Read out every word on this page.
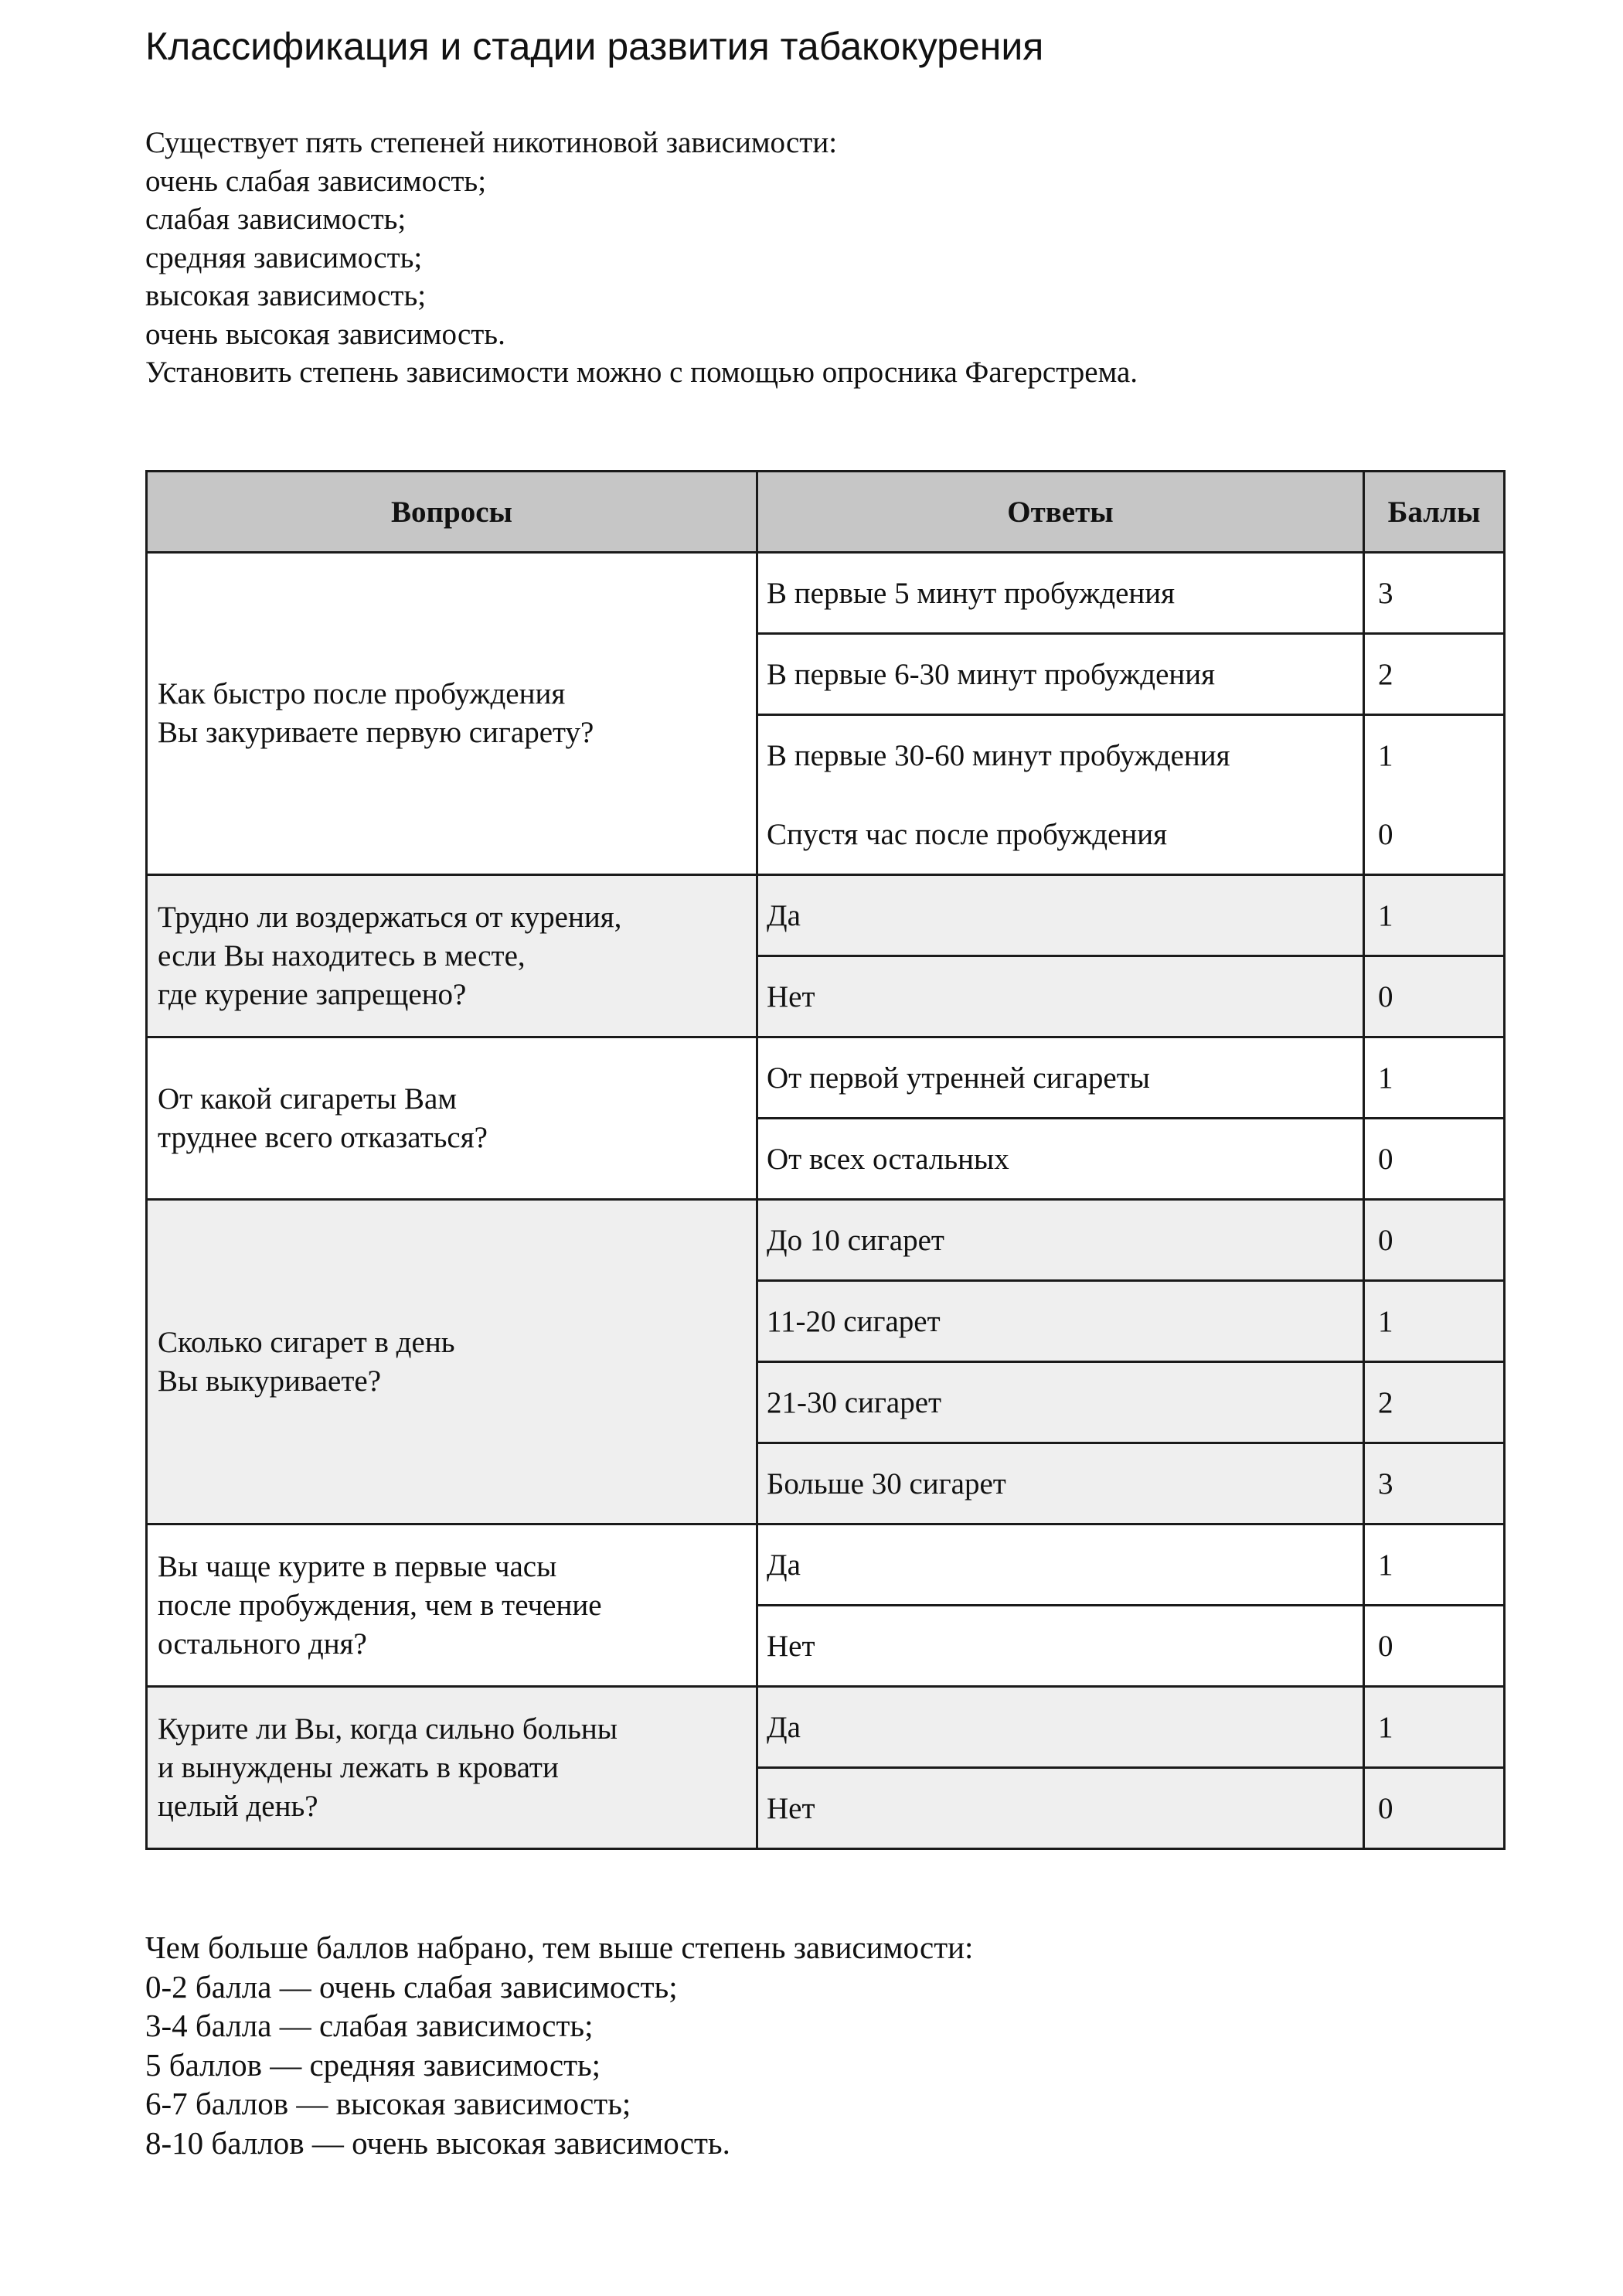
Классификация и стадии развития табакокурения
Существует пять степеней никотиновой зависимости:
очень слабая зависимость;
слабая зависимость;
средняя зависимость;
высокая зависимость;
очень высокая зависимость.
Установить степень зависимости можно с помощью опросника Фагерстрема.
Вопросы	Ответы	Баллы

Как быстро после пробуждения
Вы закуриваете первую сигарету?	В первые 5 минут пробуждения	3
	В первые 6-30 минут пробуждения	2
	В первые 30-60 минут пробуждения	1
	Спустя час после пробуждения	0

Трудно ли воздержаться от курения,
если Вы находитесь в месте,
где курение запрещено?	Да	1
	Нет	0

От какой сигареты Вам
труднее всего отказаться?	От первой утренней сигареты	1
	От всех остальных	0

Сколько сигарет в день
Вы выкуриваете?	До 10 сигарет	0
	11-20 сигарет	1
	21-30 сигарет	2
	Больше 30 сигарет	3

Вы чаще курите в первые часы
после пробуждения, чем в течение
остального дня?	Да	1
	Нет	0

Курите ли Вы, когда сильно больны
и вынуждены лежать в кровати
целый день?	Да	1
	Нет	0
Чем больше баллов набрано, тем выше степень зависимости:
0-2 балла — очень слабая зависимость;
3-4 балла — слабая зависимость;
5 баллов — средняя зависимость;
6-7 баллов — высокая зависимость;
8-10 баллов — очень высокая зависимость.
